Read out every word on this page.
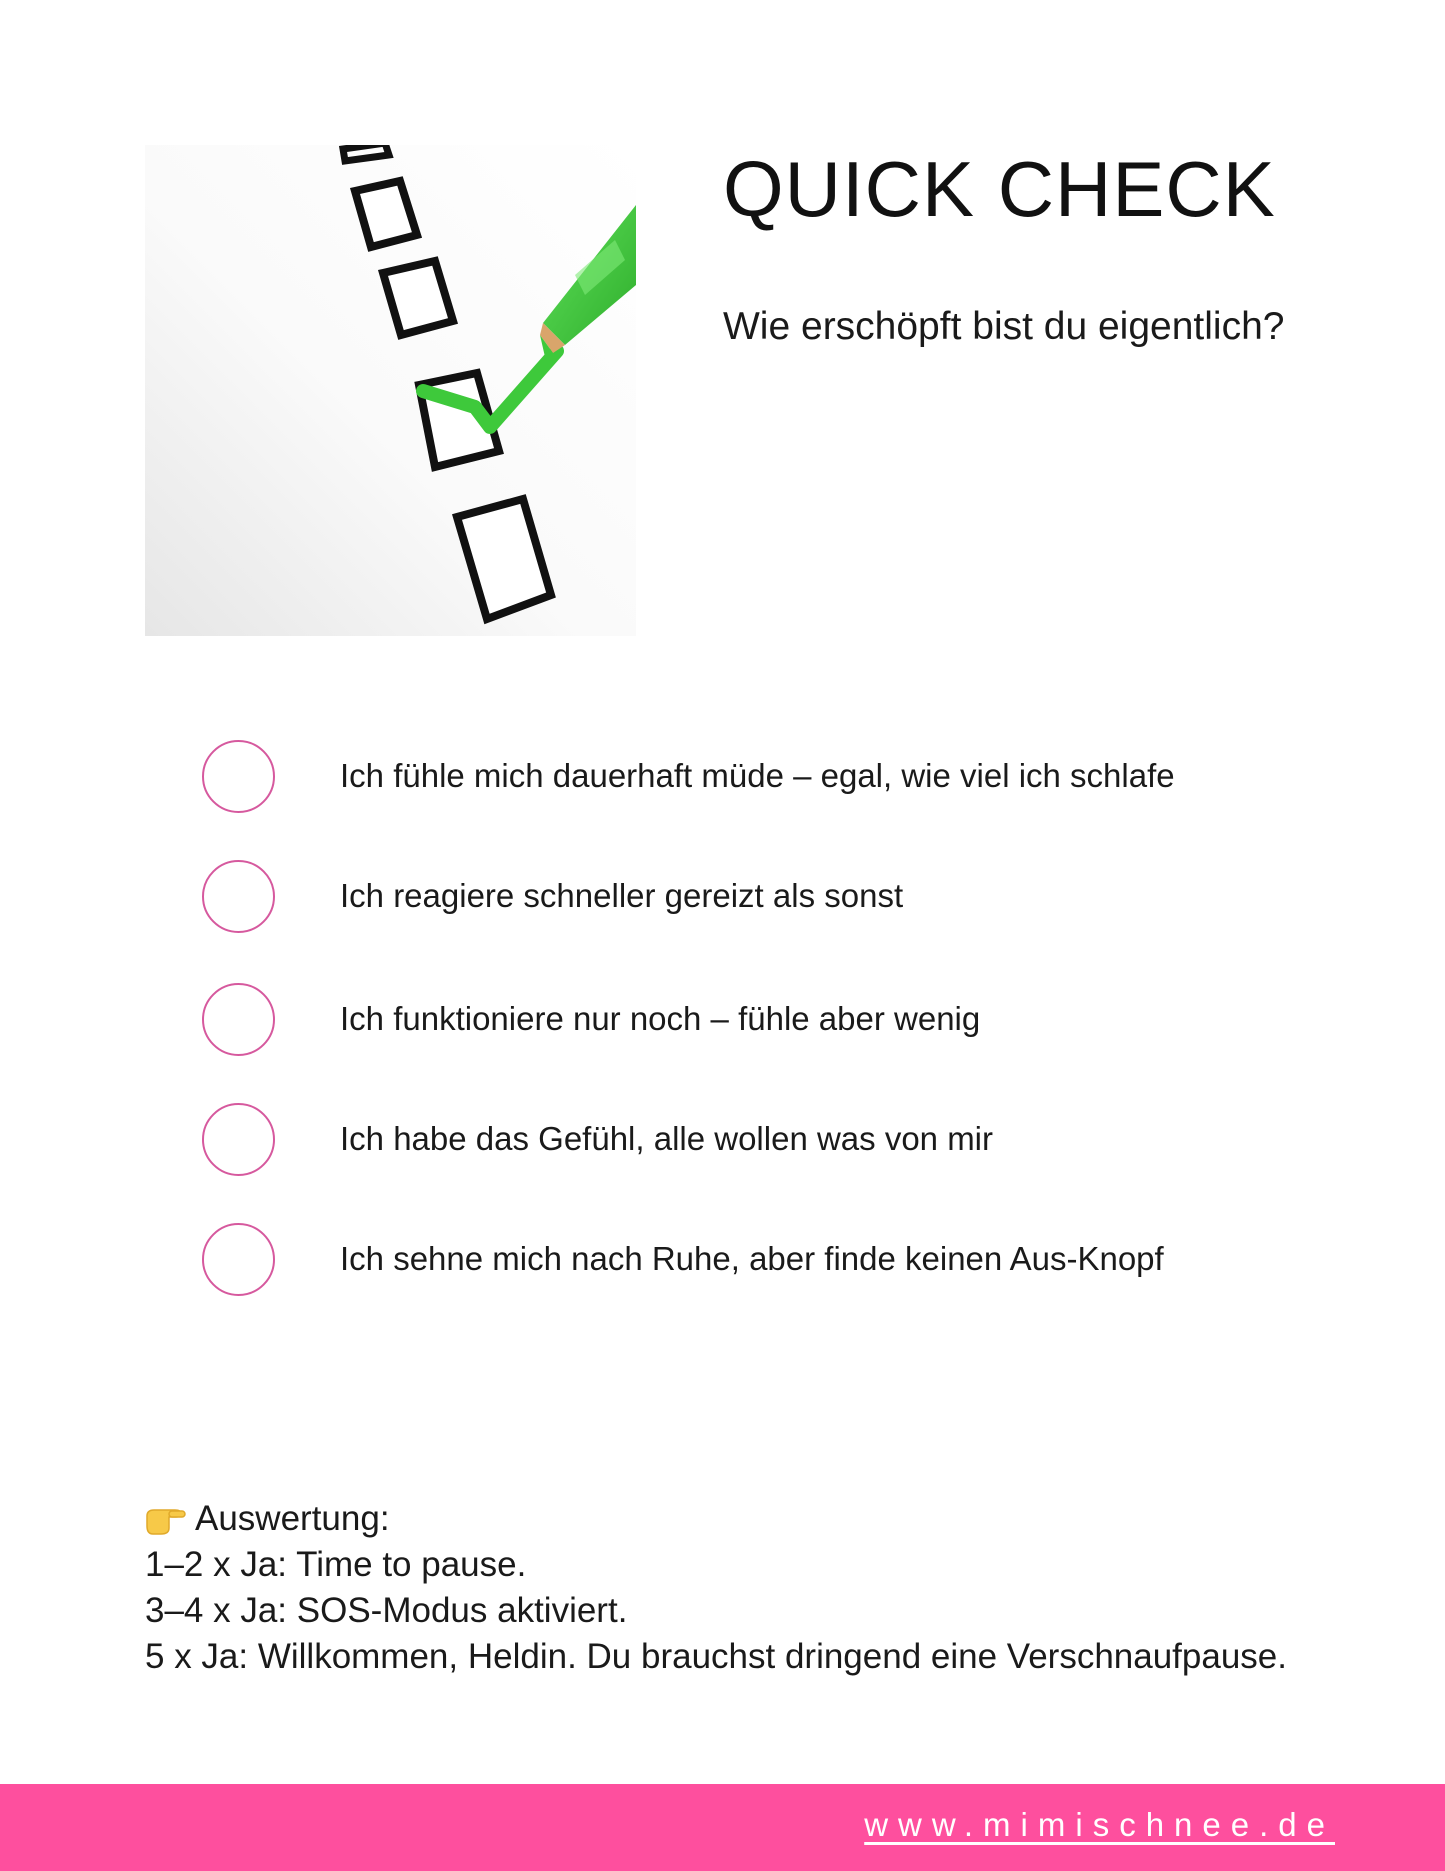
QUICK CHECK
Wie erschöpft bist du eigentlich?
Ich fühle mich dauerhaft müde – egal, wie viel ich schlafe
Ich reagiere schneller gereizt als sonst
Ich funktioniere nur noch – fühle aber wenig
Ich habe das Gefühl, alle wollen was von mir
Ich sehne mich nach Ruhe, aber finde keinen Aus-Knopf
Auswertung:
1–2 x Ja: Time to pause.
3–4 x Ja: SOS-Modus aktiviert.
5 x Ja: Willkommen, Heldin. Du brauchst dringend eine Verschnaufpause.
www.mimischnee.de
